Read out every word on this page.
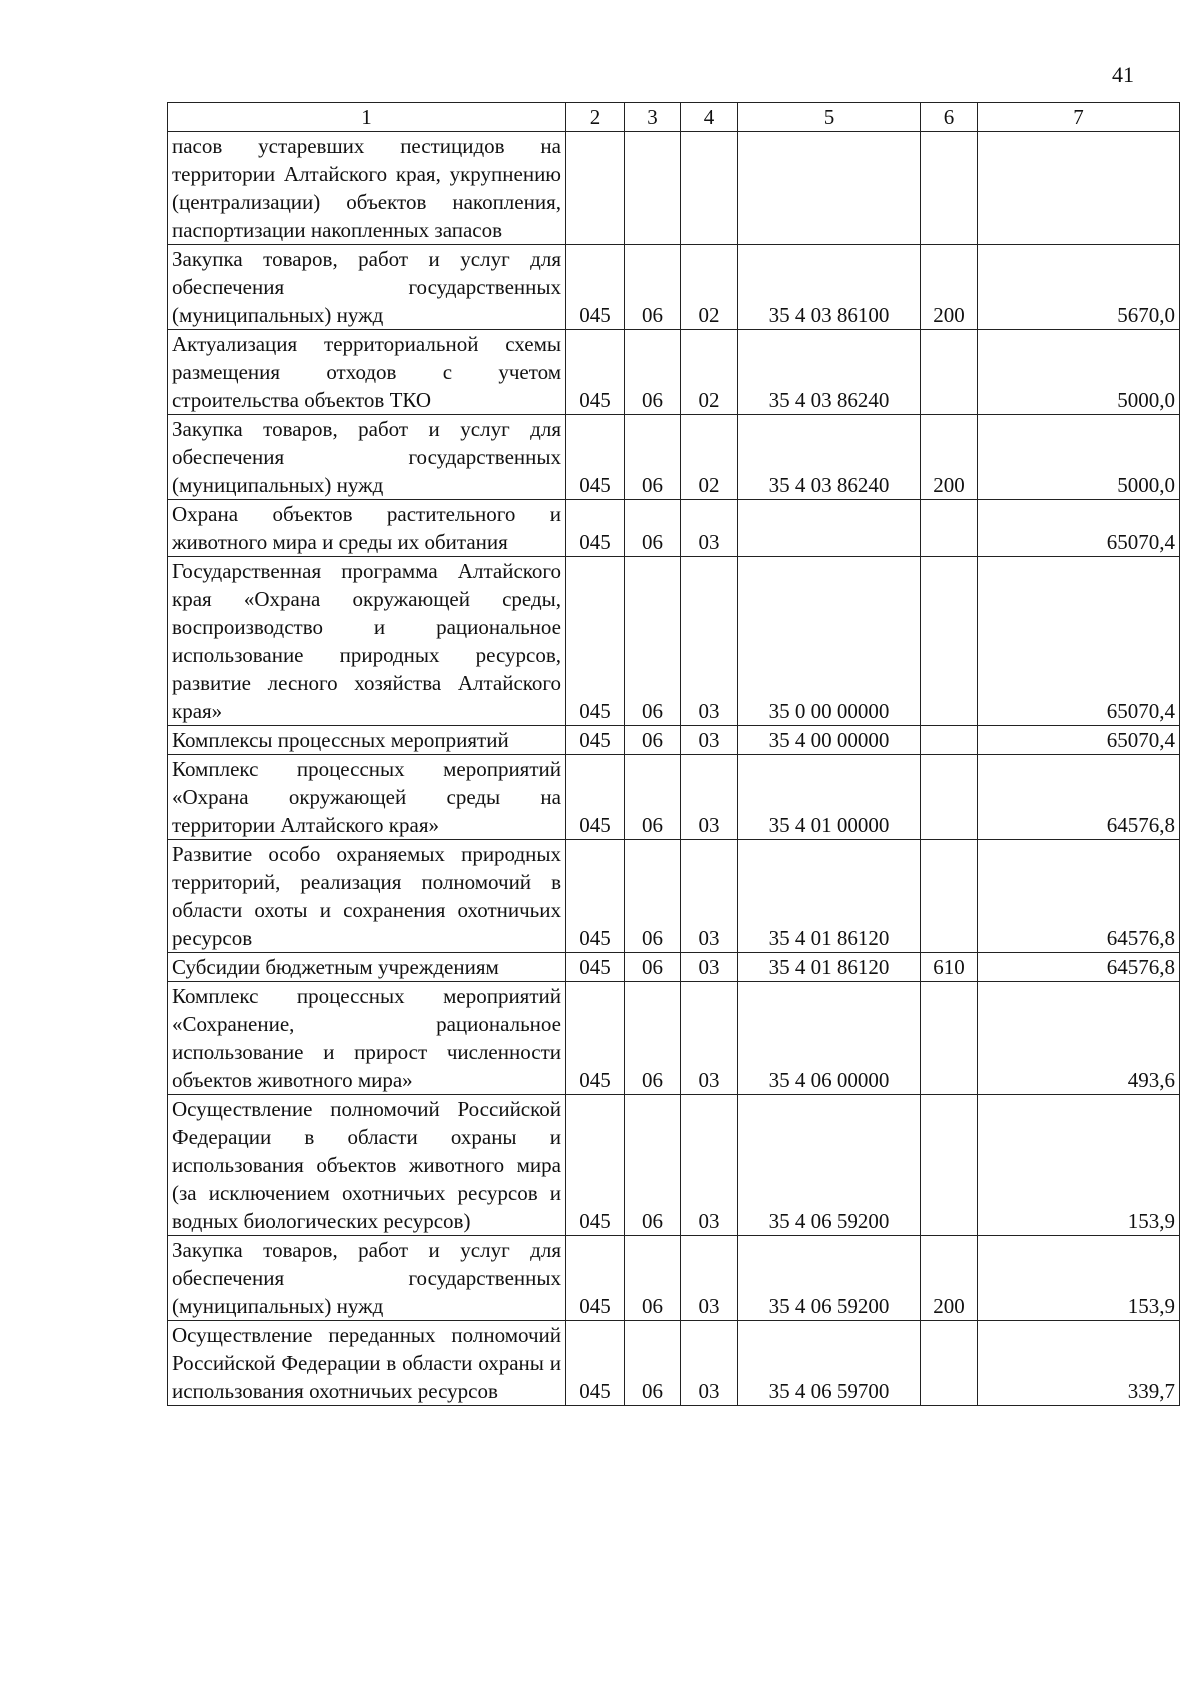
41
1	2	3	4	5	6	7
пасов устаревших пестицидов на территории Алтайского края, укрупнению (централизации) объектов накопления, паспортизации накопленных запасов						
Закупка товаров, работ и услуг для обеспечения государственных (муниципальных) нужд	045	06	02	35 4 03 86100	200	5670,0
Актуализация территориальной схемы размещения отходов с учетом строительства объектов ТКО	045	06	02	35 4 03 86240		5000,0
Закупка товаров, работ и услуг для обеспечения государственных (муниципальных) нужд	045	06	02	35 4 03 86240	200	5000,0
Охрана объектов растительного и животного мира и среды их обитания	045	06	03			65070,4
Государственная программа Алтайского края «Охрана окружающей среды, воспроизводство и рациональное использование природных ресурсов, развитие лесного хозяйства Алтайского края»	045	06	03	35 0 00 00000		65070,4
Комплексы процессных мероприятий	045	06	03	35 4 00 00000		65070,4
Комплекс процессных мероприятий «Охрана окружающей среды на территории Алтайского края»	045	06	03	35 4 01 00000		64576,8
Развитие особо охраняемых природных территорий, реализация полномочий в области охоты и сохранения охотничьих ресурсов	045	06	03	35 4 01 86120		64576,8
Субсидии бюджетным учреждениям	045	06	03	35 4 01 86120	610	64576,8
Комплекс процессных мероприятий «Сохранение, рациональное использование и прирост численности объектов животного мира»	045	06	03	35 4 06 00000		493,6
Осуществление полномочий Российской Федерации в области охраны и использования объектов животного мира (за исключением охотничьих ресурсов и водных биологических ресурсов)	045	06	03	35 4 06 59200		153,9
Закупка товаров, работ и услуг для обеспечения государственных (муниципальных) нужд	045	06	03	35 4 06 59200	200	153,9
Осуществление переданных полномочий Российской Федерации в области охраны и использования охотничьих ресурсов	045	06	03	35 4 06 59700		339,7
